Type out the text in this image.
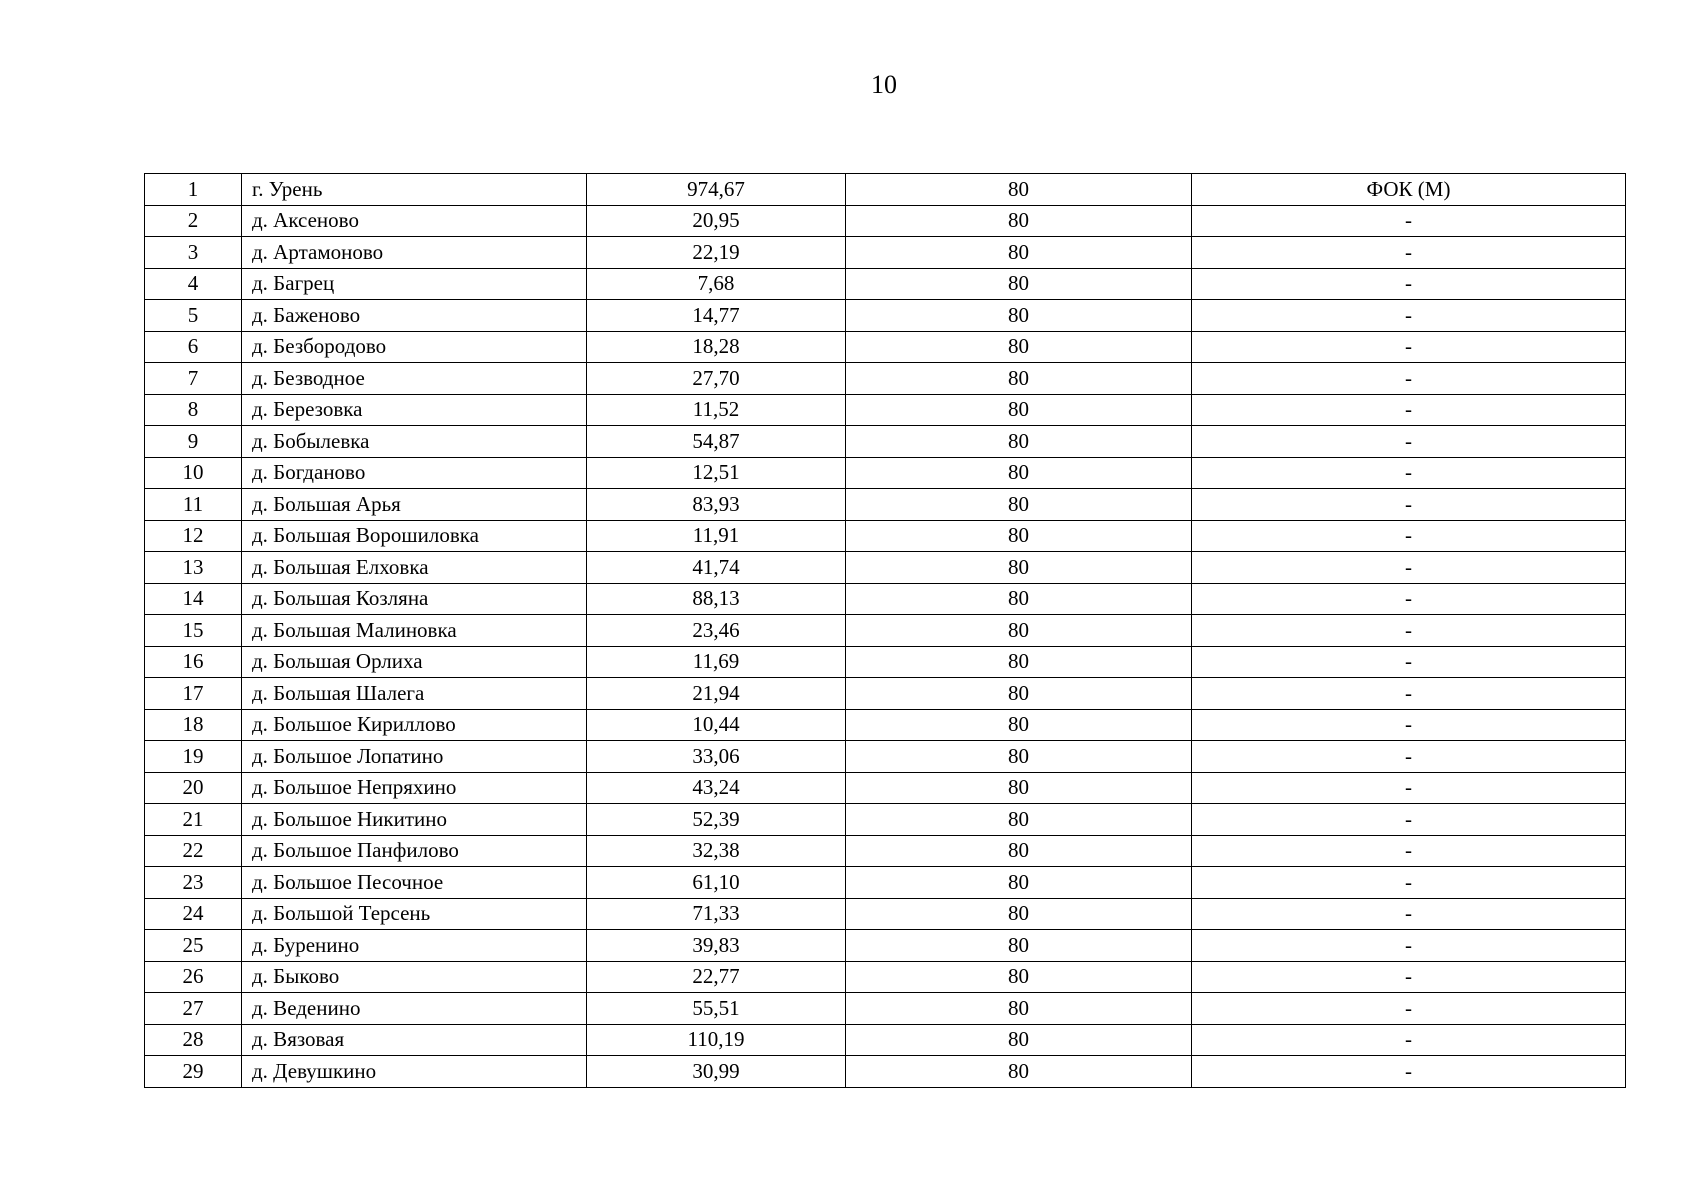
10
1	г. Урень	974,67	80	ФОК (М)
2	д. Аксеново	20,95	80	-
3	д. Артамоново	22,19	80	-
4	д. Багрец	7,68	80	-
5	д. Баженово	14,77	80	-
6	д. Безбородово	18,28	80	-
7	д. Безводное	27,70	80	-
8	д. Березовка	11,52	80	-
9	д. Бобылевка	54,87	80	-
10	д. Богданово	12,51	80	-
11	д. Большая Арья	83,93	80	-
12	д. Большая Ворошиловка	11,91	80	-
13	д. Большая Елховка	41,74	80	-
14	д. Большая Козляна	88,13	80	-
15	д. Большая Малиновка	23,46	80	-
16	д. Большая Орлиха	11,69	80	-
17	д. Большая Шалега	21,94	80	-
18	д. Большое Кириллово	10,44	80	-
19	д. Большое Лопатино	33,06	80	-
20	д. Большое Непряхино	43,24	80	-
21	д. Большое Никитино	52,39	80	-
22	д. Большое Панфилово	32,38	80	-
23	д. Большое Песочное	61,10	80	-
24	д. Большой Терсень	71,33	80	-
25	д. Буренино	39,83	80	-
26	д. Быково	22,77	80	-
27	д. Веденино	55,51	80	-
28	д. Вязовая	110,19	80	-
29	д. Девушкино	30,99	80	-
